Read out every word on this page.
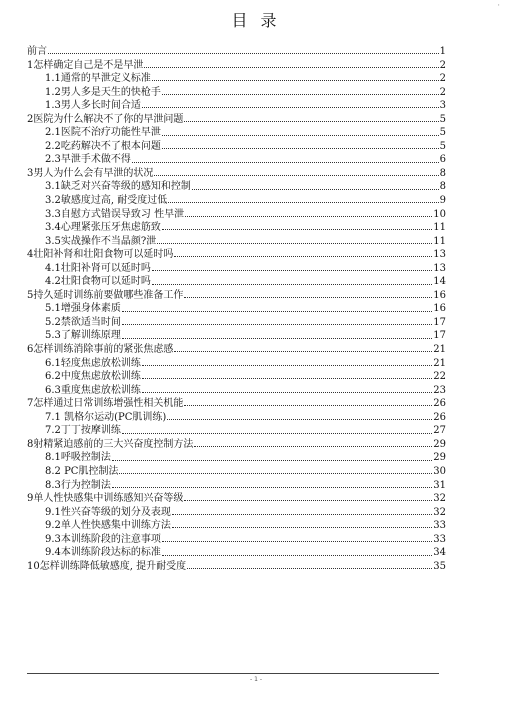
'
目 录
前言	1
1怎样确定自己是不是早泄	2
1.1通常的早泄定义标准	2
1.2男人多是天生的快枪手	2
1.3男人多长时间合适	3
2医院为什么解决不了你的早泄问题	5
2.1医院不治疗功能性早泄	5
2.2吃药解决不了根本问题	5
2.3早泄手术做不得	6
3男人为什么会有早泄的状况	8
3.1缺乏对兴奋等级的感知和控制	8
3.2敏感度过高, 耐受度过低	9
3.3自慰方式错误导致习 性早泄	10
3.4心理紧张压牙焦虑筋致	11
3.5实战操作不当晶颜?泄	11
4壮阳补肾和壮阳食物可以延时吗	13
4.1壮阳补肾可以延时吗	13
4.2壮阳食物可以延时吗	14
5持久延时训练前要做哪些准备工作	16
5.1增强身体素质	16
5.2禁欲适当时间	17
5.3了解训练原理	17
6怎样训练消除事前的紧张焦虑感	21
6.1轻度焦虑放松训练	21
6.2中度焦虑放松训练	22
6.3重度焦虑放松训练	23
7怎样通过日常训练增强性相关机能	26
7.1 凯格尔运动(PC肌训练)	26
7.2丁丁按摩训练	27
8射精紧迫感前的三大兴奋度控制方法	29
8.1呼吸控制法	29
8.2 PC肌控制法	30
8.3行为控制法	31
9单人性快感集中训练感知兴奋等级	32
9.1性兴奋等级的划分及表现	32
9.2单人性快感集中训练方法	33
9.3本训练阶段的注意事项	33
9.4本训练阶段达标的标准	34
10怎样训练降低敏感度, 提升耐受度	35
- 1 -
